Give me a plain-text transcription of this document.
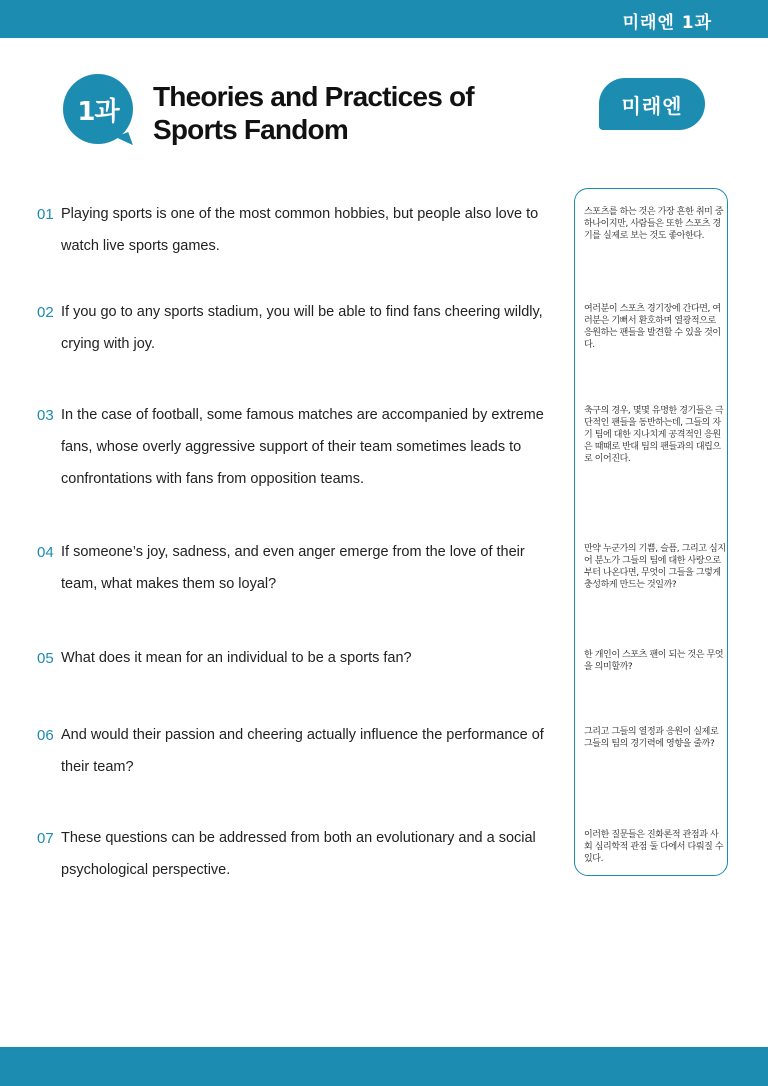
미래엔 1과
1과	Theories and Practices of
Sports Fandom
미래엔
01 Playing sports is one of the most common hobbies, but people also love to watch live sports games.
02 If you go to any sports stadium, you will be able to find fans cheering wildly, crying with joy.
03 In the case of football, some famous matches are accompanied by extreme fans, whose overly aggressive support of their team sometimes leads to confrontations with fans from opposition teams.
04 If someone’s joy, sadness, and even anger emerge from the love of their team, what makes them so loyal?
05 What does it mean for an individual to be a sports fan?
06 And would their passion and cheering actually influence the performance of their team?
07 These questions can be addressed from both an evolutionary and a social psychological perspective.
스포츠를 하는 것은 가장 흔한 취미 중 하나이지만, 사람들은 또한 스포츠 경기를 실제로 보는 것도 좋아한다.
여러분이 스포츠 경기장에 간다면, 여러분은 기뻐서 환호하며 열광적으로 응원하는 팬들을 발견할 수 있을 것이다.
축구의 경우, 몇몇 유명한 경기들은 극단적인 팬들을 동반하는데, 그들의 자기 팀에 대한 지나치게 공격적인 응원은 때때로 반대 팀의 팬들과의 대립으로 이어진다.
만약 누군가의 기쁨, 슬픔, 그리고 심지어 분노가 그들의 팀에 대한 사랑으로부터 나온다면, 무엇이 그들을 그렇게 충성하게 만드는 것일까?
한 개인이 스포츠 팬이 되는 것은 무엇을 의미할까?
그리고 그들의 열정과 응원이 실제로 그들의 팀의 경기력에 영향을 줄까?
이러한 질문들은 진화론적 관점과 사회 심리학적 관점 둘 다에서 다뤄질 수 있다.
